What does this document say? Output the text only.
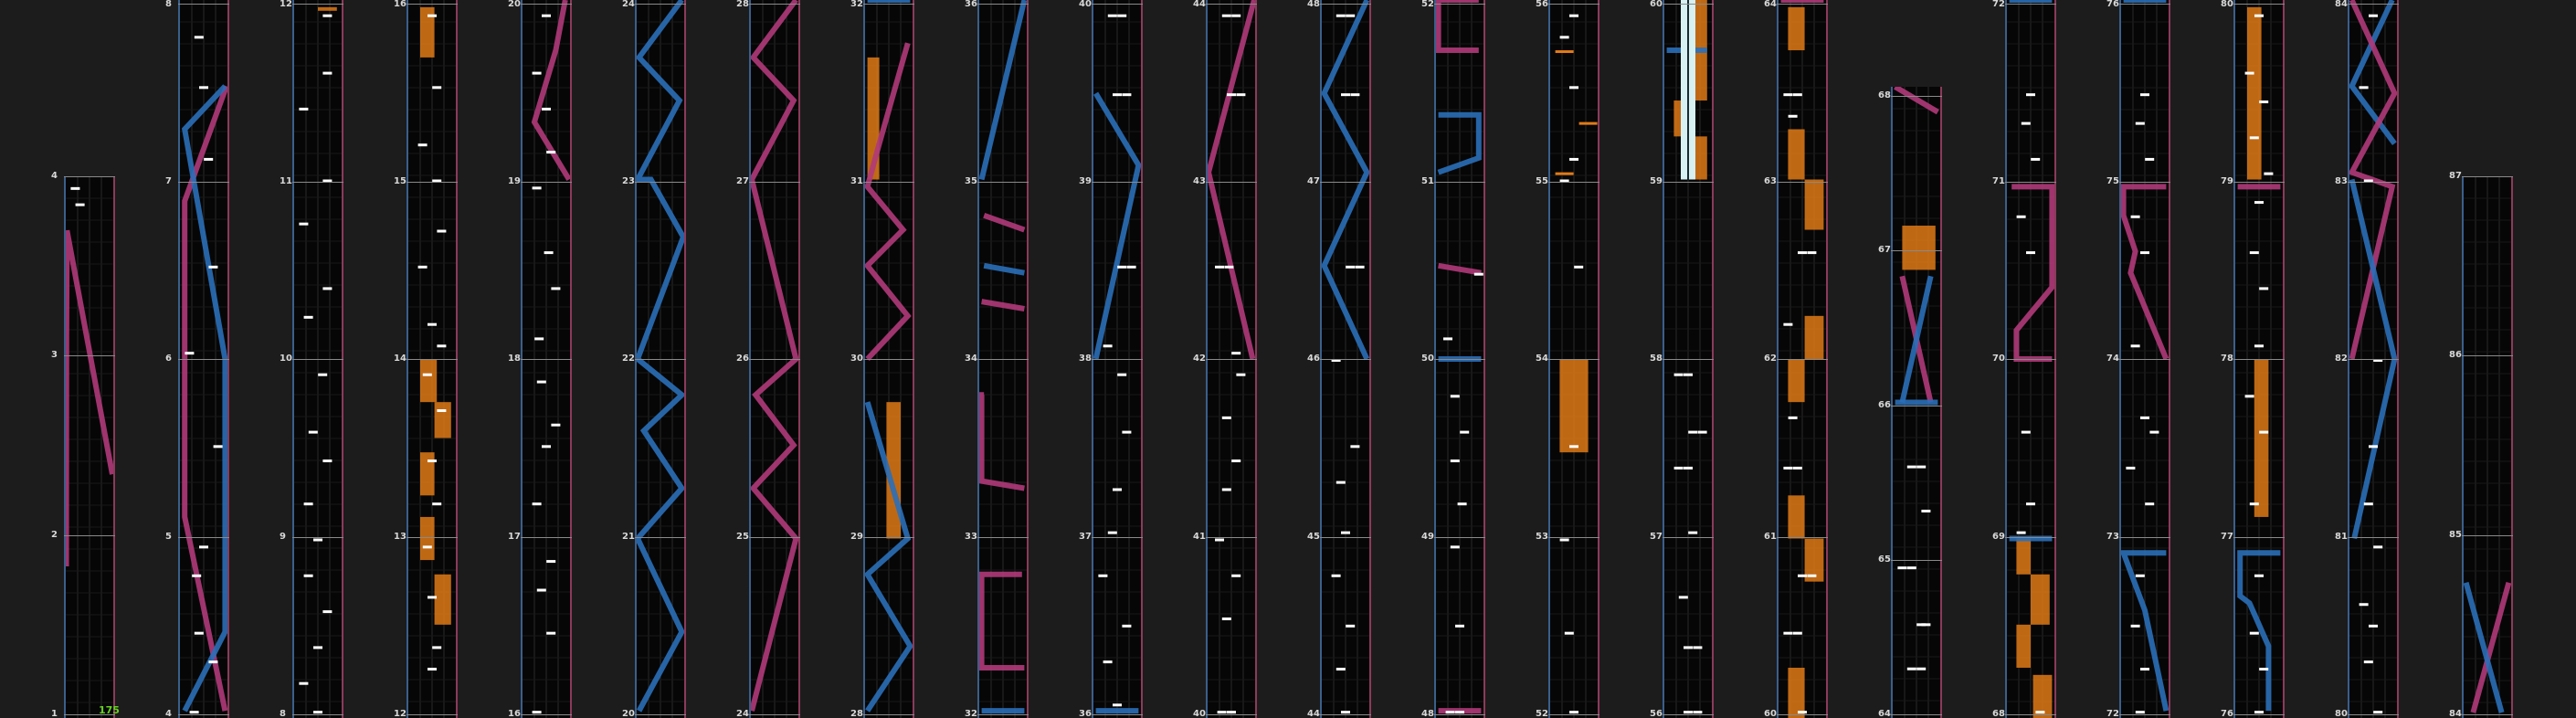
4
3
2
1
8
7
6
5
4
12
11
10
9
8
16
15
14
13
12
20
19
18
17
16
24
23
22
21
20
28
27
26
25
24
32
31
30
29
28
36
35
34
33
32
40
39
38
37
36
44
43
42
41
40
48
47
46
45
44
52
51
50
49
48
56
55
54
53
52
60
59
58
57
56
64
63
62
61
60
68
67
66
65
64
72
71
70
69
68
76
75
74
73
72
80
79
78
77
76
84
83
82
81
80
87
86
85
84
175
